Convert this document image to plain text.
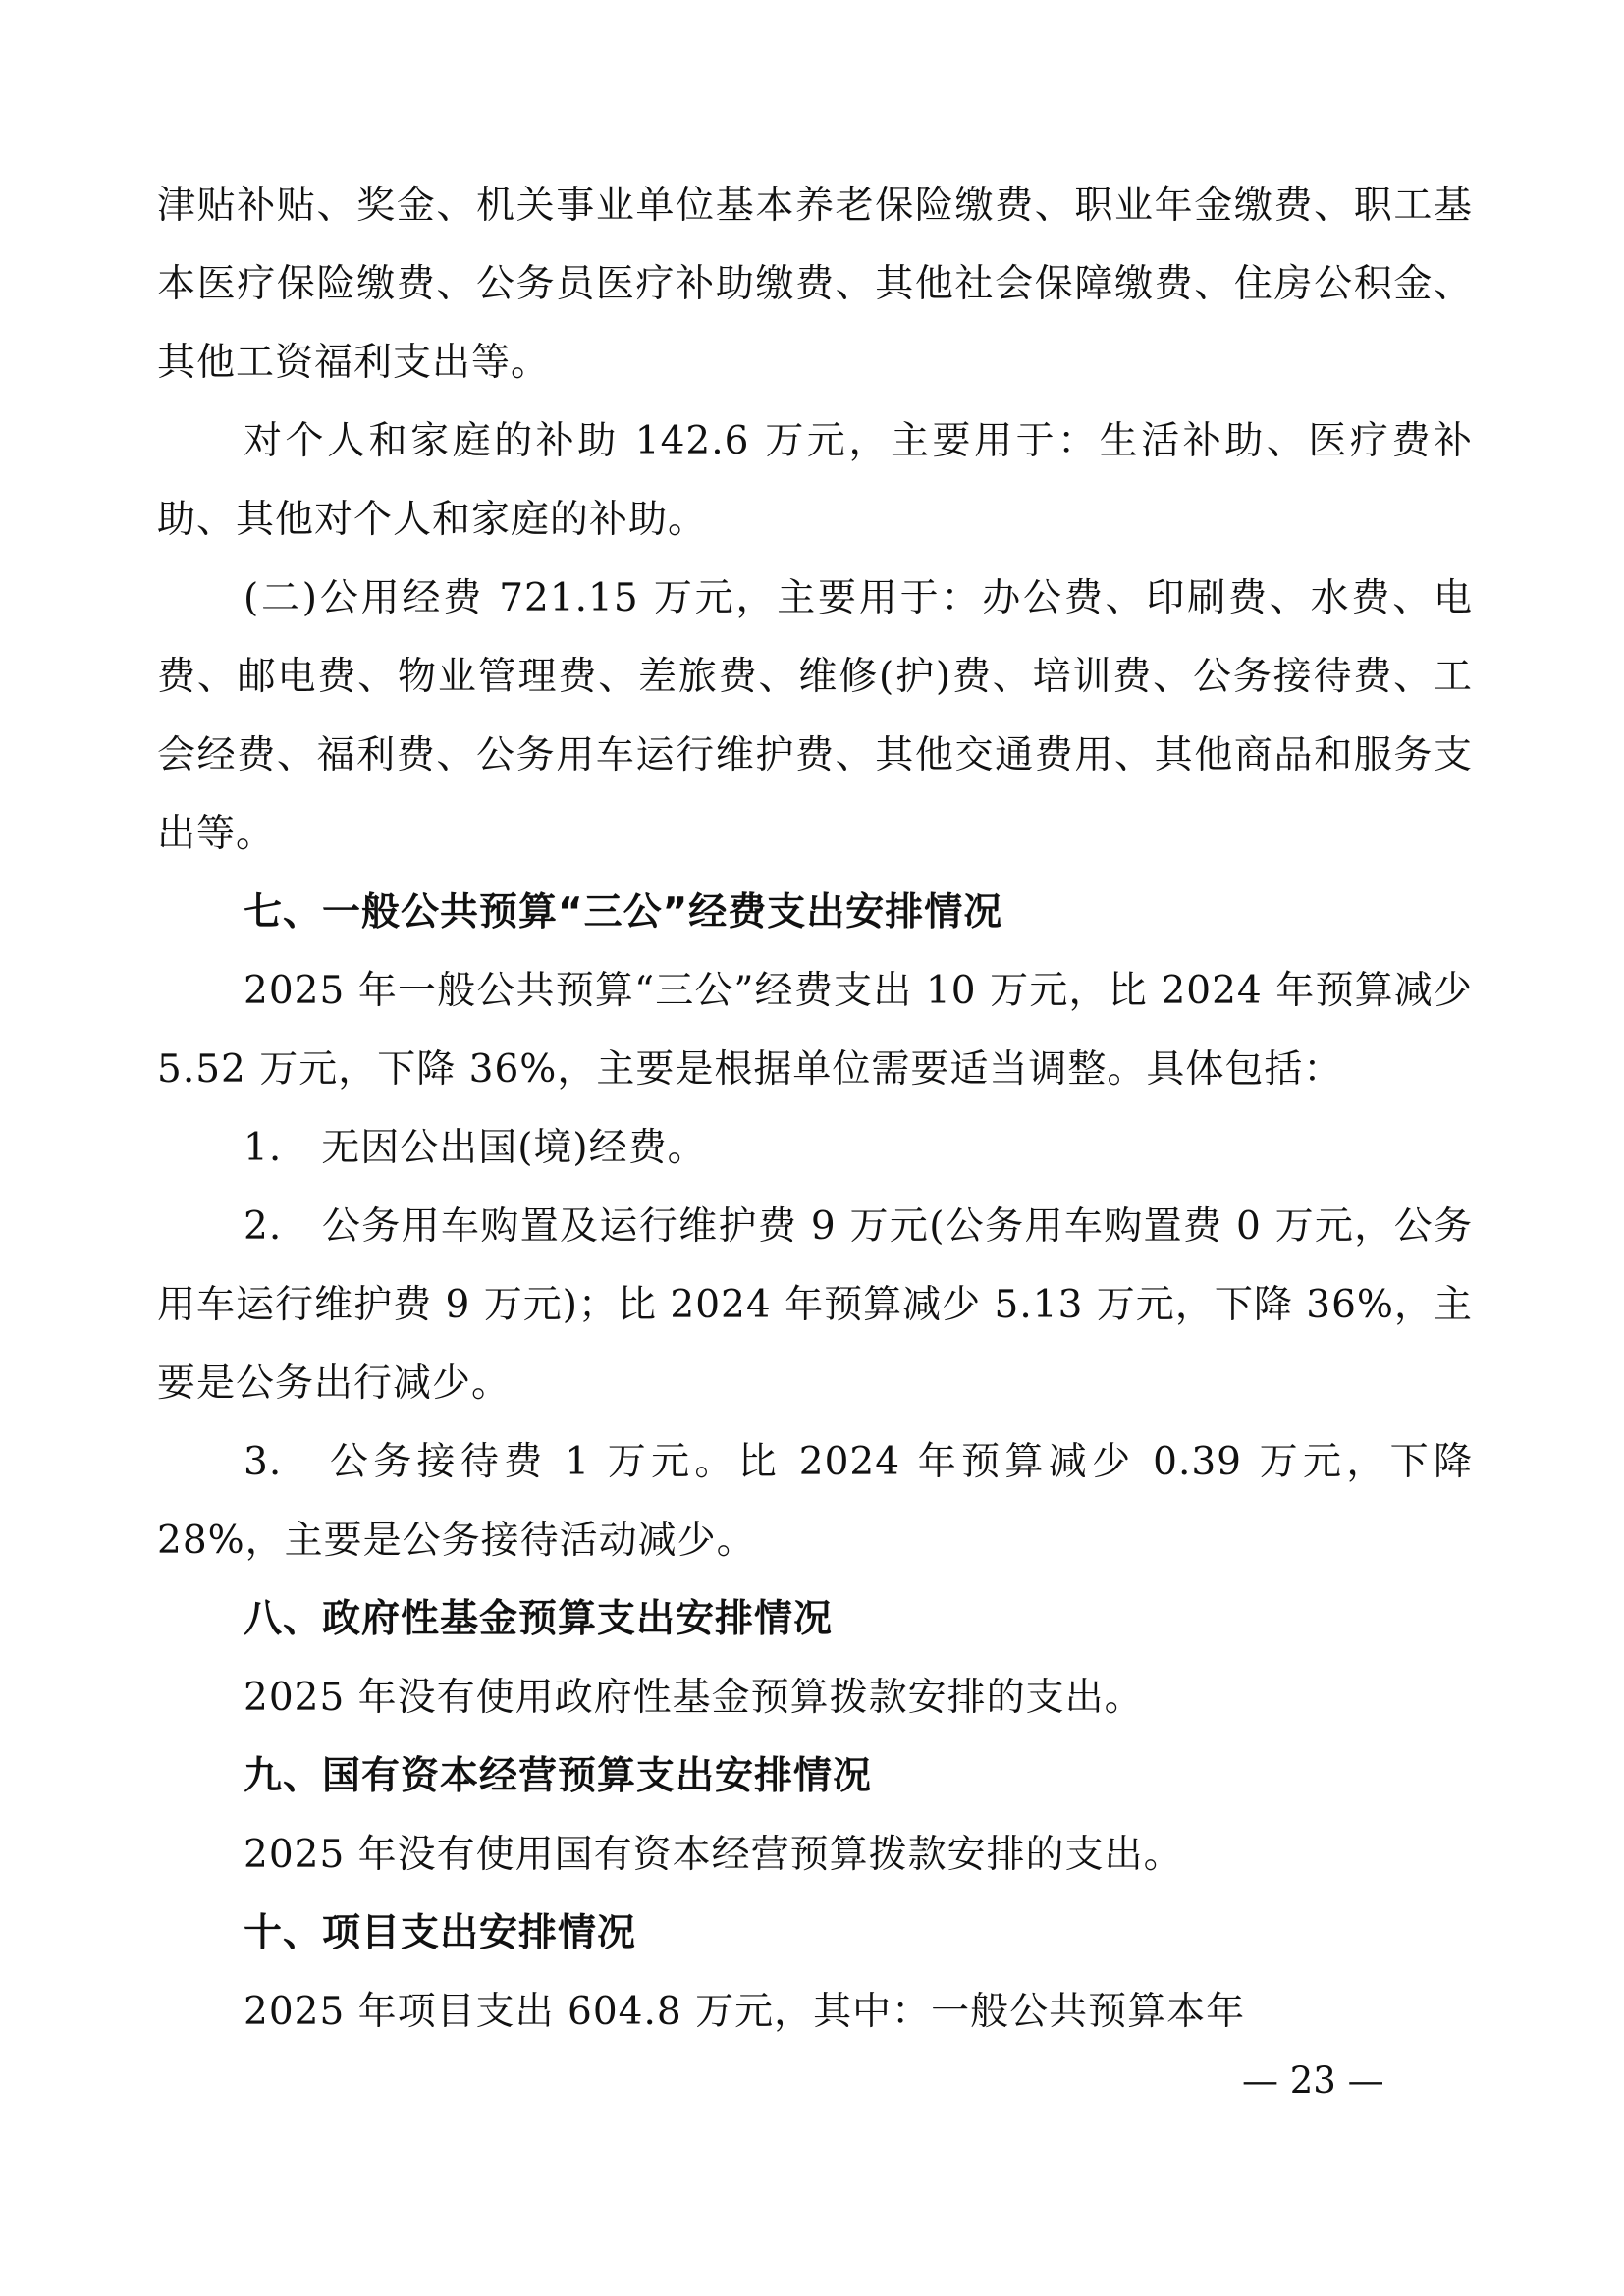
津贴补贴、奖金、机关事业单位基本养老保险缴费、职业年金缴费、职工基本医疗保险缴费、公务员医疗补助缴费、其他社会保障缴费、住房公积金、其他工资福利支出等。

对个人和家庭的补助 142.6 万元，主要用于：生活补助、医疗费补助、其他对个人和家庭的补助。

(二)公用经费 721.15 万元，主要用于：办公费、印刷费、水费、电费、邮电费、物业管理费、差旅费、维修(护)费、培训费、公务接待费、工会经费、福利费、公务用车运行维护费、其他交通费用、其他商品和服务支出等。

七、一般公共预算“三公”经费支出安排情况

2025 年一般公共预算“三公”经费支出 10 万元，比 2024 年预算减少 5.52 万元，下降 36%，主要是根据单位需要适当调整。具体包括：

1.　无因公出国(境)经费。

2.　公务用车购置及运行维护费 9 万元(公务用车购置费 0 万元，公务用车运行维护费 9 万元)；比 2024 年预算减少 5.13 万元，下降 36%，主要是公务出行减少。

3.　公务接待费 1 万元。比 2024 年预算减少 0.39 万元，下降 28%，主要是公务接待活动减少。

八、政府性基金预算支出安排情况

2025 年没有使用政府性基金预算拨款安排的支出。

九、国有资本经营预算支出安排情况

2025 年没有使用国有资本经营预算拨款安排的支出。

十、项目支出安排情况

2025 年项目支出 604.8 万元，其中：一般公共预算本年

— 23 —
